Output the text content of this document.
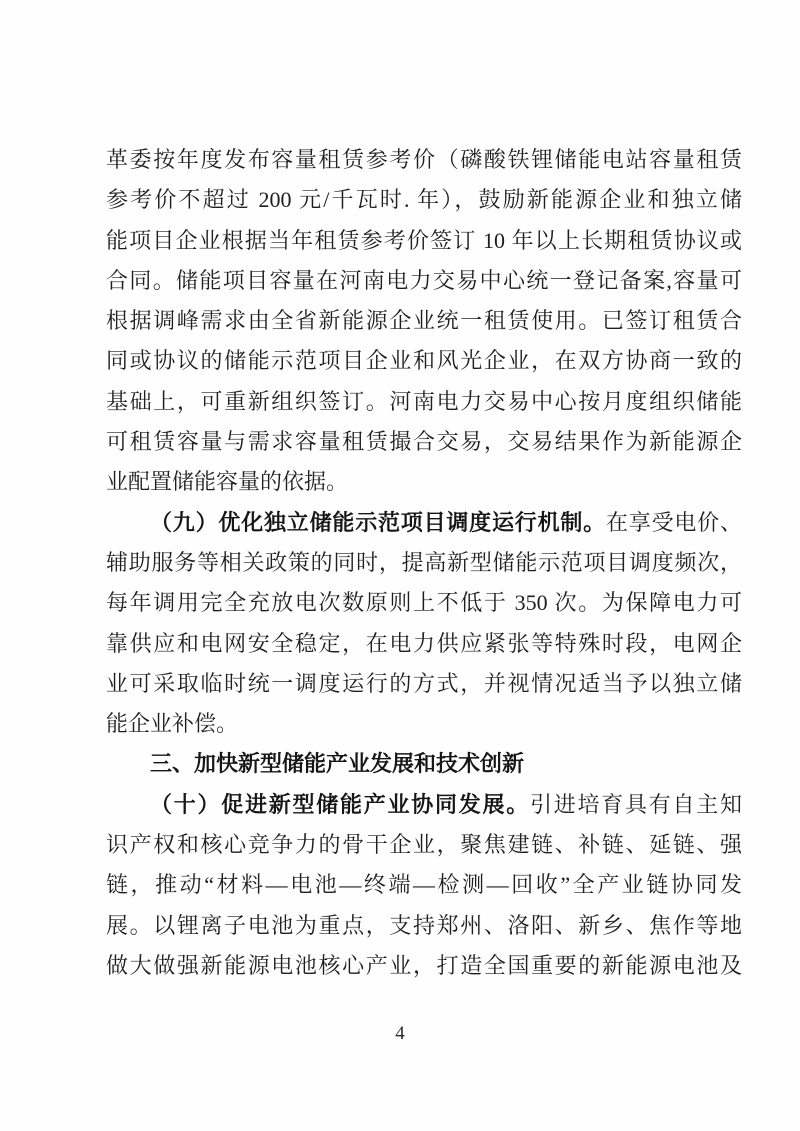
革委按年度发布容量租赁参考价（磷酸铁锂储能电站容量租赁
参考价不超过 200 元/千瓦时. 年），鼓励新能源企业和独立储
能项目企业根据当年租赁参考价签订 10 年以上长期租赁协议或
合同。储能项目容量在河南电力交易中心统一登记备案,容量可
根据调峰需求由全省新能源企业统一租赁使用。已签订租赁合
同或协议的储能示范项目企业和风光企业，在双方协商一致的
基础上，可重新组织签订。河南电力交易中心按月度组织储能
可租赁容量与需求容量租赁撮合交易，交易结果作为新能源企
业配置储能容量的依据。
（九）优化独立储能示范项目调度运行机制。在享受电价、
辅助服务等相关政策的同时，提高新型储能示范项目调度频次，
每年调用完全充放电次数原则上不低于 350 次。为保障电力可
靠供应和电网安全稳定，在电力供应紧张等特殊时段，电网企
业可采取临时统一调度运行的方式，并视情况适当予以独立储
能企业补偿。
三、加快新型储能产业发展和技术创新
（十）促进新型储能产业协同发展。引进培育具有自主知
识产权和核心竞争力的骨干企业，聚焦建链、补链、延链、强
链，推动“材料—电池—终端—检测—回收”全产业链协同发
展。以锂离子电池为重点，支持郑州、洛阳、新乡、焦作等地
做大做强新能源电池核心产业，打造全国重要的新能源电池及
4
